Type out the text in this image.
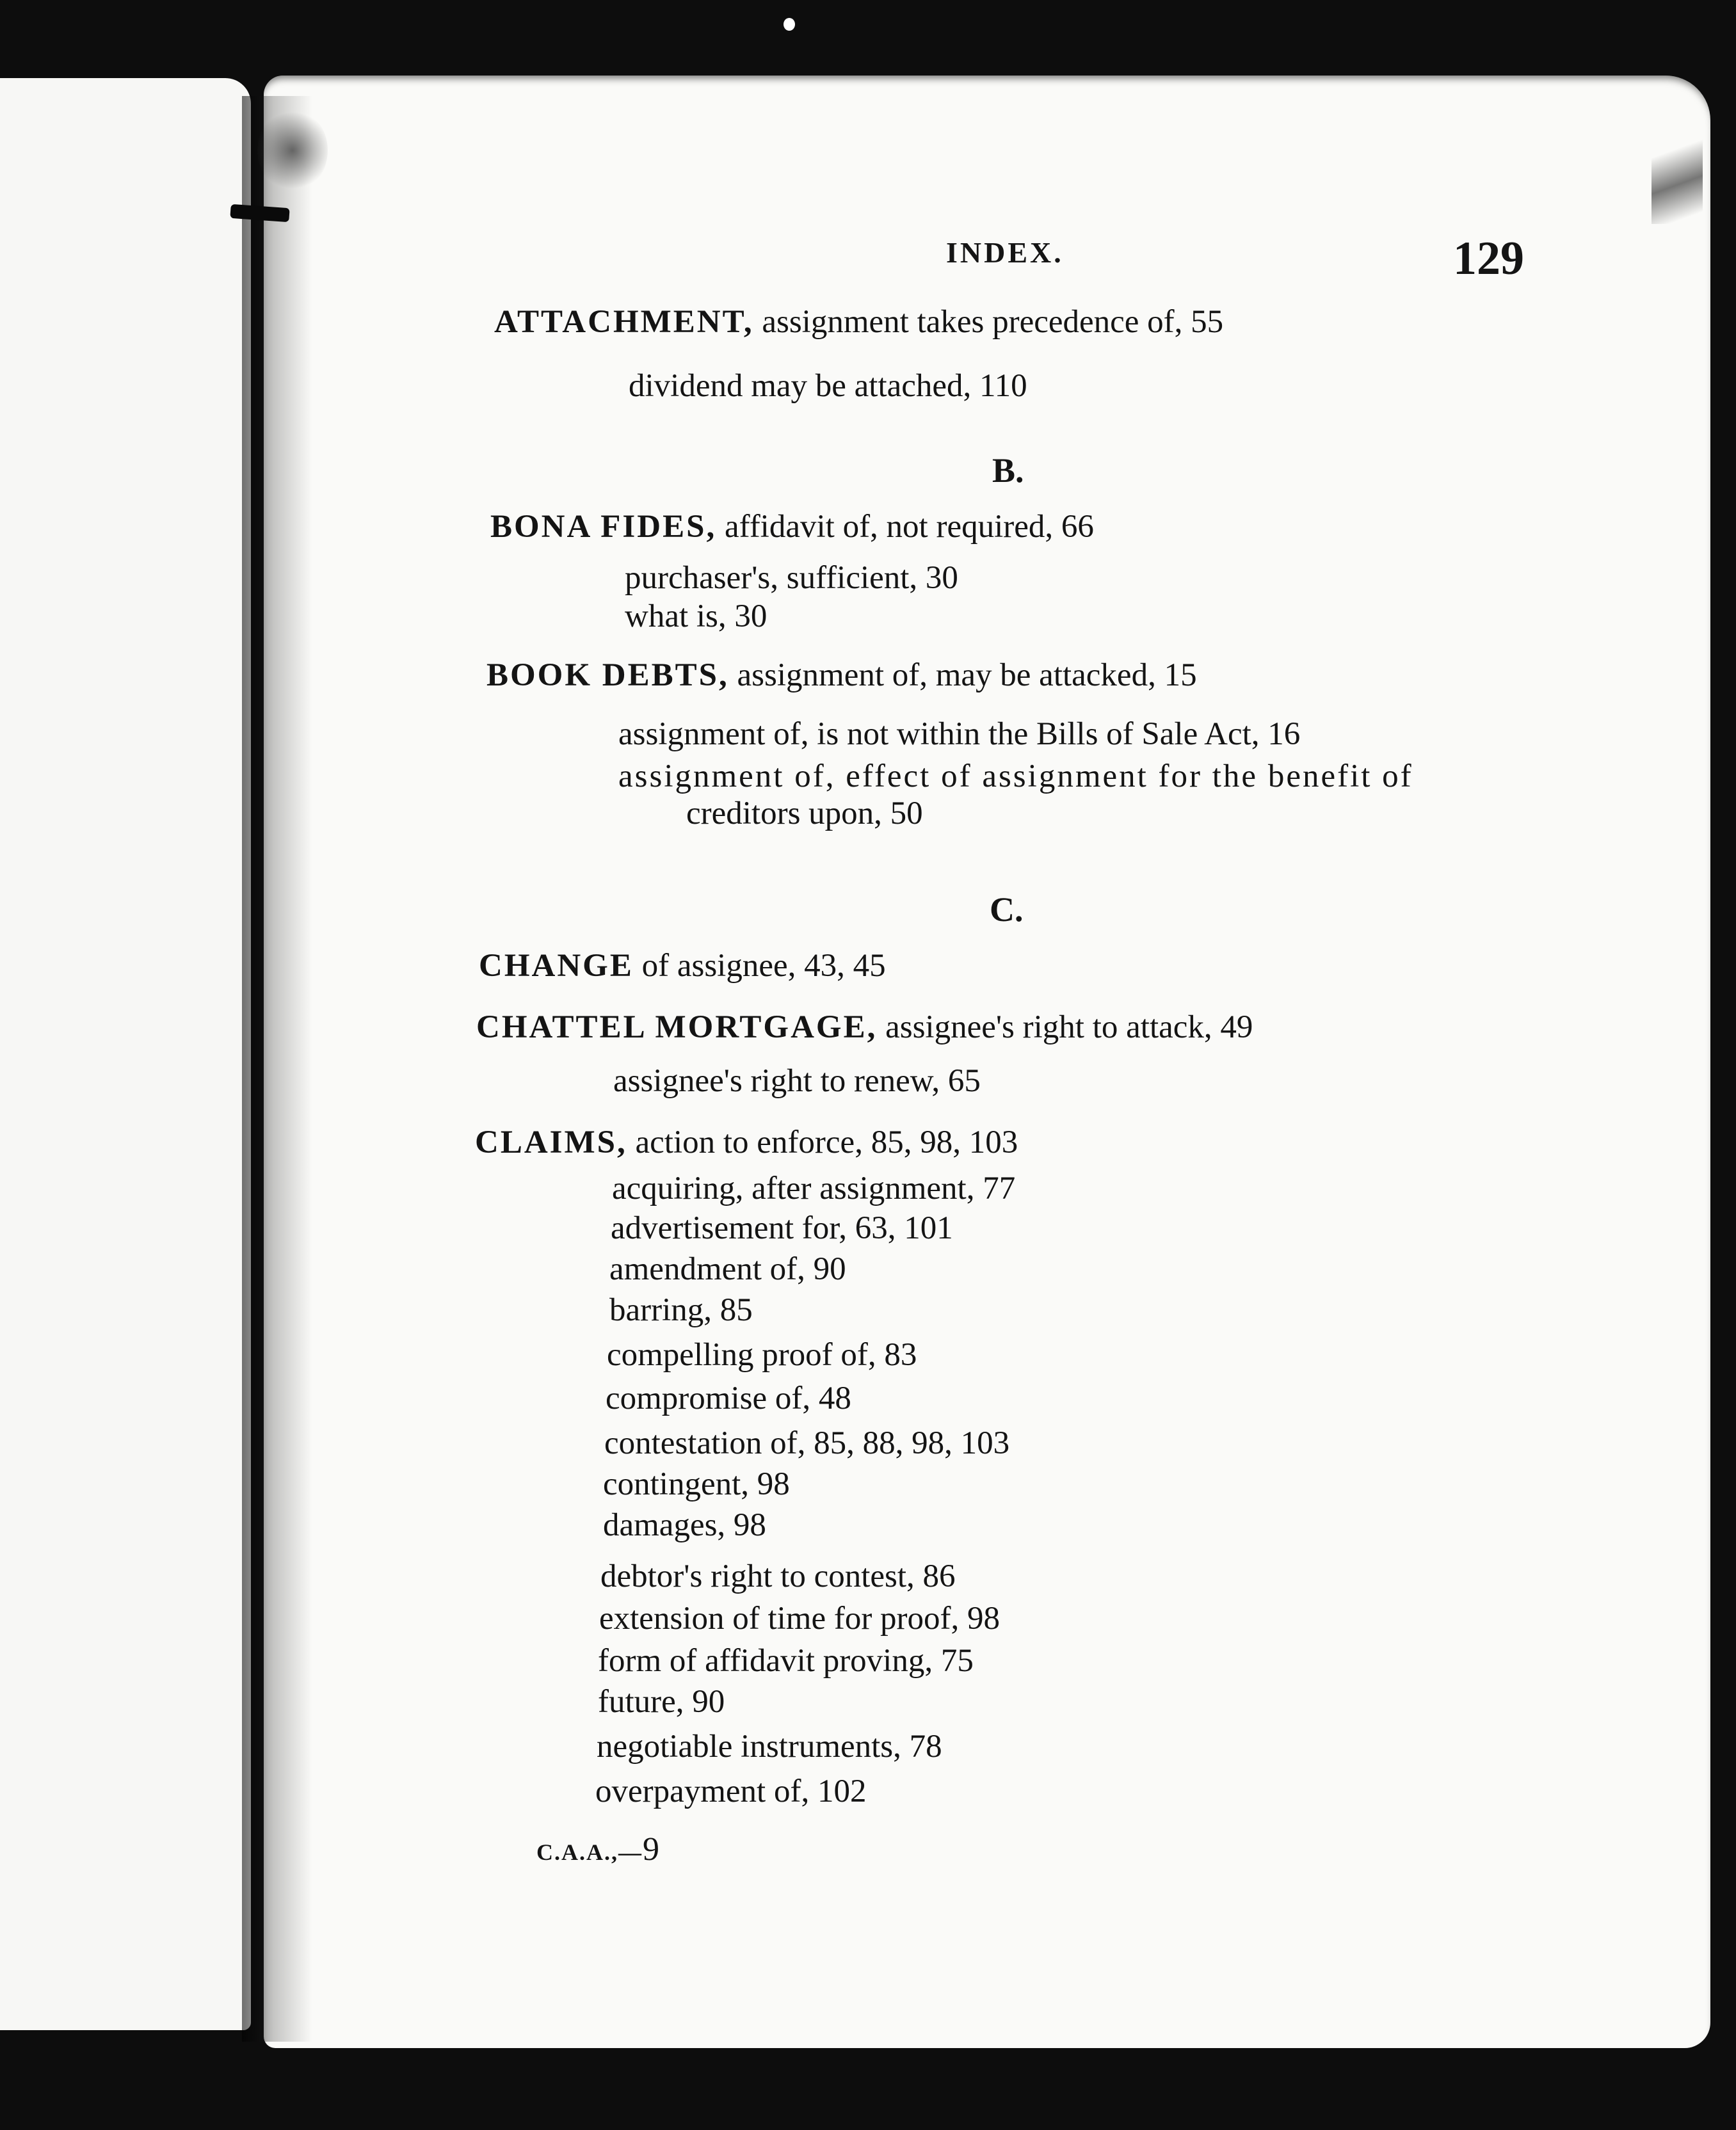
INDEX.	129
ATTACHMENT, assignment takes precedence of, 55
dividend may be attached, 110
B.
BONA FIDES, affidavit of, not required, 66
purchaser's, sufficient, 30
what is, 30
BOOK DEBTS, assignment of, may be attacked, 15
assignment of, is not within the Bills of Sale Act, 16
assignment of, effect of assignment for the benefit of
creditors upon, 50
C.
CHANGE of assignee, 43, 45
CHATTEL MORTGAGE, assignee's right to attack, 49
assignee's right to renew, 65
CLAIMS, action to enforce, 85, 98, 103
acquiring, after assignment, 77
advertisement for, 63, 101
amendment of, 90
barring, 85
compelling proof of, 83
compromise of, 48
contestation of, 85, 88, 98, 103
contingent, 98
damages, 98
debtor's right to contest, 86
extension of time for proof, 98
form of affidavit proving, 75
future, 90
negotiable instruments, 78
overpayment of, 102
C.A.A.,—9
